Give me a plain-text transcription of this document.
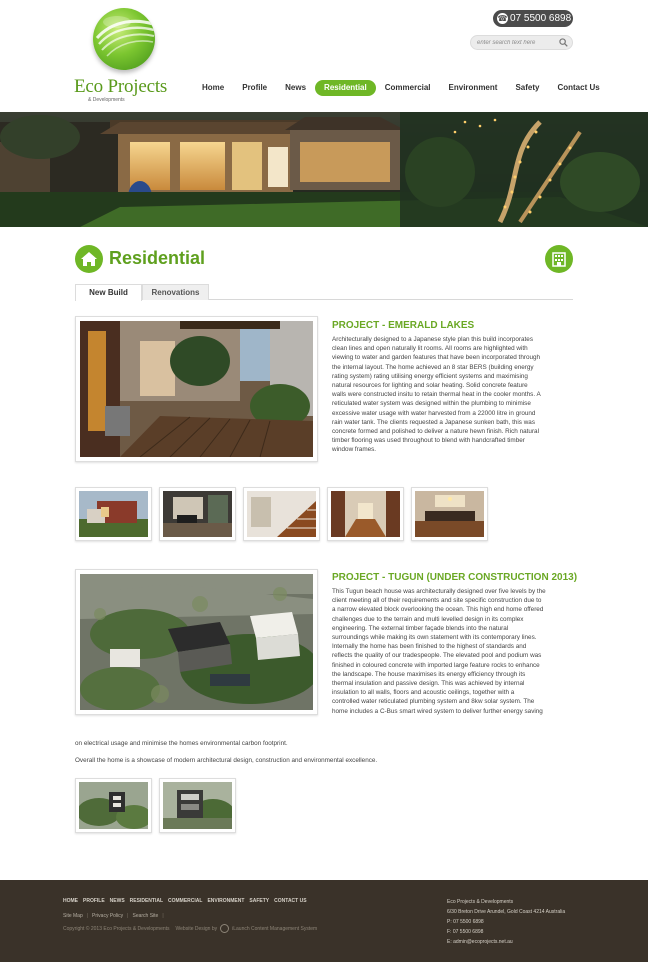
Eco Projects
& Developments
☎ 07 5500 6898
enter search text here
Home	Profile	News	Residential	Commercial	Environment	Safety	Contact Us
Residential
New Build	Renovations
PROJECT - EMERALD LAKES
Architecturally designed to a Japanese style plan this build incorporates
clean lines and open naturally lit rooms. All rooms are highlighted with
viewing to water and garden features that have been incorporated through
the internal layout. The home achieved an 8 star BERS (building energy
rating system) rating utilising energy efficient systems and maximising
natural resources for lighting and solar heating. Solid concrete feature
walls were constructed insitu to retain thermal heat in the cooler months. A
reticulated water system was designed within the plumbing to minimise
excessive water usage with water harvested from a 22000 litre in ground
rain water tank. The clients requested a Japanese sunken bath, this was
concrete formed and polished to deliver a nature hewn finish. Rich natural
timber flooring was used throughout to blend with handcrafted timber
window frames.
PROJECT - TUGUN (UNDER CONSTRUCTION 2013)
This Tugun beach house was architecturally designed over five levels by the
client meeting all of their requirements and site specific construction due to
a narrow elevated block overlooking the ocean. This high end home offered
challenges due to the terrain and multi levelled design in its complex
engineering. The external timber façade blends into the natural
surroundings while making its own statement with its contemporary lines.
Internally the home has been finished to the highest of standards and
reflects the quality of our tradespeople. The elevated pool and podium was
finished in coloured concrete with imported large feature rocks to enhance
the landscape. The house maximises its energy efficiency through its
thermal insulation and passive design. This was achieved by internal
insulation to all walls, floors and acoustic ceilings, together with a
controlled water reticulated plumbing system and 8kw solar system. The
home includes a C-Bus smart wired system to deliver further energy saving
on electrical usage and minimise the homes environmental carbon footprint.
Overall the home is a showcase of modern architectural design, construction and environmental excellence.
HOME PROFILE NEWS RESIDENTIAL COMMERCIAL ENVIRONMENT SAFETY CONTACT US
Site Map | Privacy Policy | Search Site |
Copyright © 2013 Eco Projects & Developments Website Design by	iLaunch Content Management System
Eco Projects & Developments
6/30 Breton Drive Arundel, Gold Coast 4214 Australia
P: 07 5500 6898
F: 07 5500 6898
E: admin@ecoprojects.net.au
